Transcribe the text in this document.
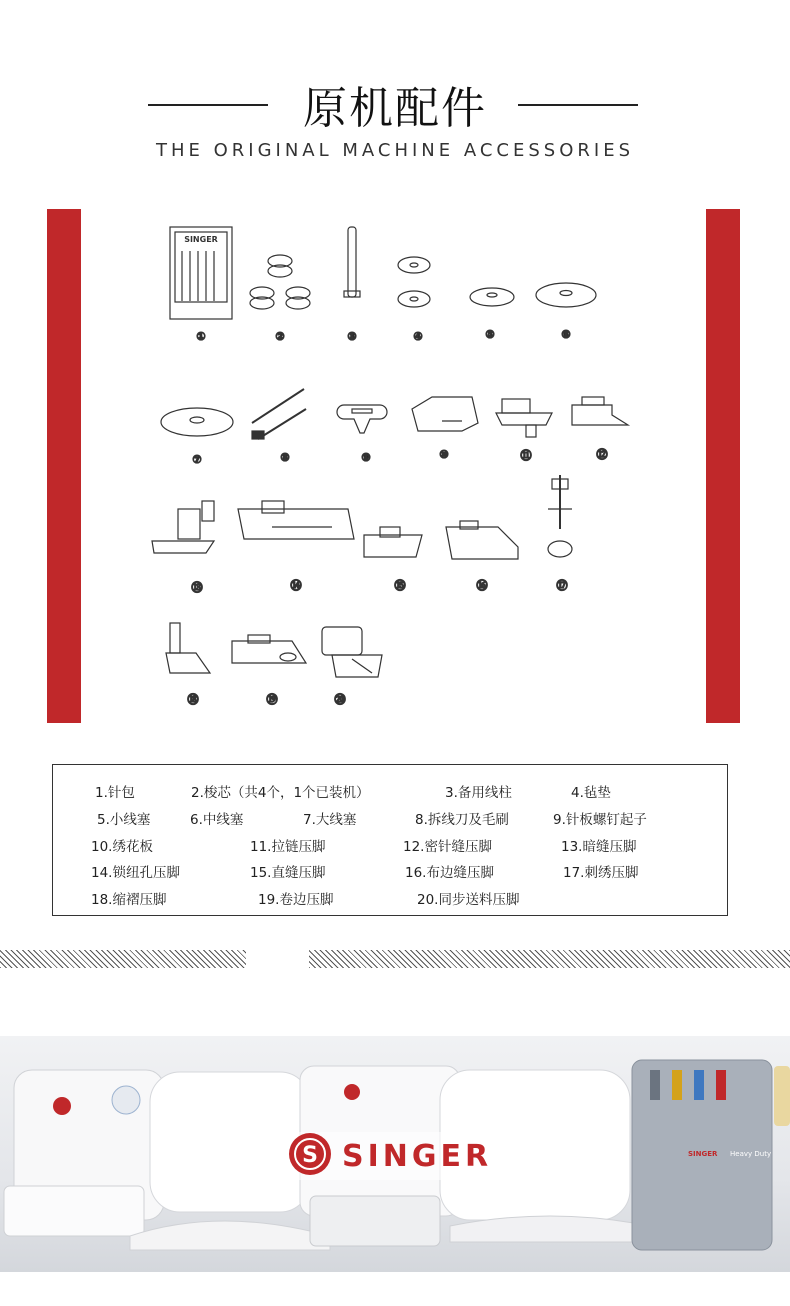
原机配件
THE ORIGINAL MACHINE ACCESSORIES
SINGER
①	②	③	④	⑤	⑥
⑦	⑧	⑨	⑩	⑪	⑫
⑬	⑭	⑮	⑯	⑰
⑱	⑲	⑳
1.针包	2.梭芯（共4个，1个已装机）	3.备用线柱	4.毡垫
5.小线塞	6.中线塞	7.大线塞	8.拆线刀及毛刷	9.针板螺钉起子
10.绣花板	11.拉链压脚	12.密针缝压脚	13.暗缝压脚
14.锁纽孔压脚	15.直缝压脚	16.布边缝压脚	17.刺绣压脚
18.缩褶压脚	19.卷边压脚	20.同步送料压脚
SINGER Heavy Duty
S SINGER
